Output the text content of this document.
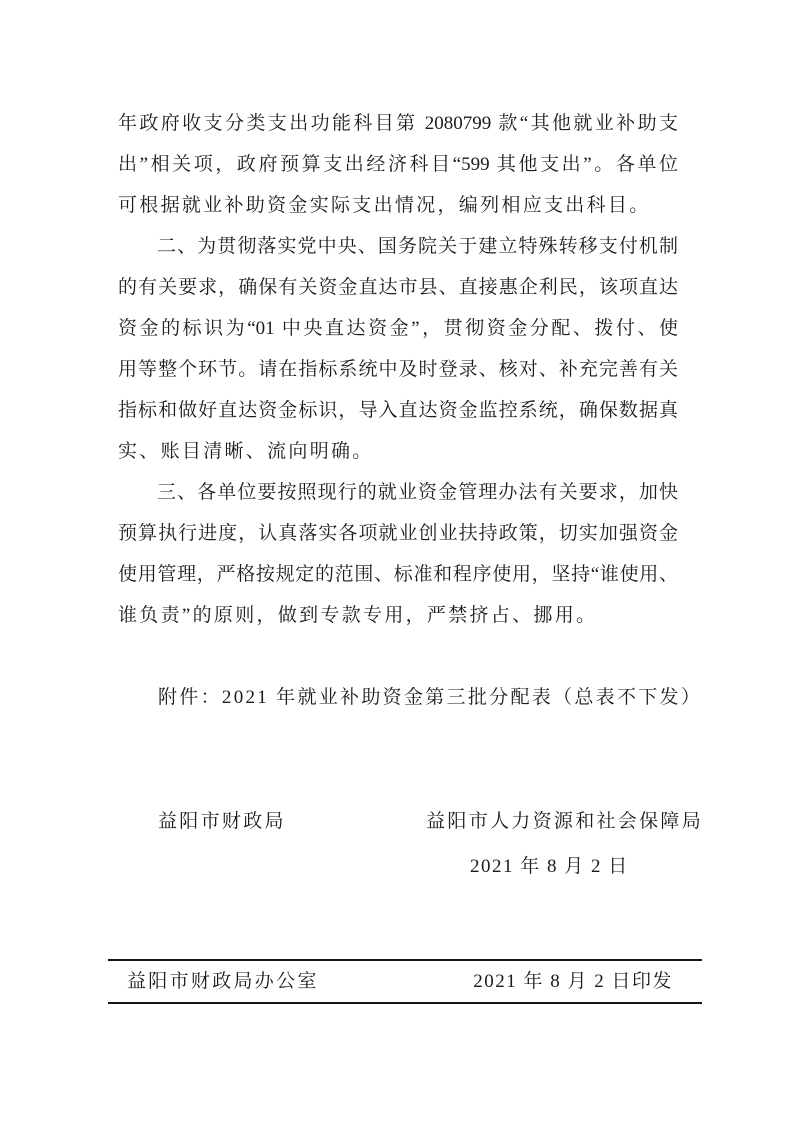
年政府收支分类支出功能科目第 2080799 款“其他就业补助支
出”相关项，政府预算支出经济科目“599 其他支出”。各单位
可根据就业补助资金实际支出情况，编列相应支出科目。
二、为贯彻落实党中央、国务院关于建立特殊转移支付机制
的有关要求，确保有关资金直达市县、直接惠企利民，该项直达
资金的标识为“01 中央直达资金”，贯彻资金分配、拨付、使
用等整个环节。请在指标系统中及时登录、核对、补充完善有关
指标和做好直达资金标识，导入直达资金监控系统，确保数据真
实、账目清晰、流向明确。
三、各单位要按照现行的就业资金管理办法有关要求，加快
预算执行进度，认真落实各项就业创业扶持政策，切实加强资金
使用管理，严格按规定的范围、标准和程序使用，坚持“谁使用、
谁负责”的原则，做到专款专用，严禁挤占、挪用。
附件：2021 年就业补助资金第三批分配表（总表不下发）
益阳市财政局	益阳市人力资源和社会保障局
2021 年 8 月 2 日
益阳市财政局办公室	2021 年 8 月 2 日印发
